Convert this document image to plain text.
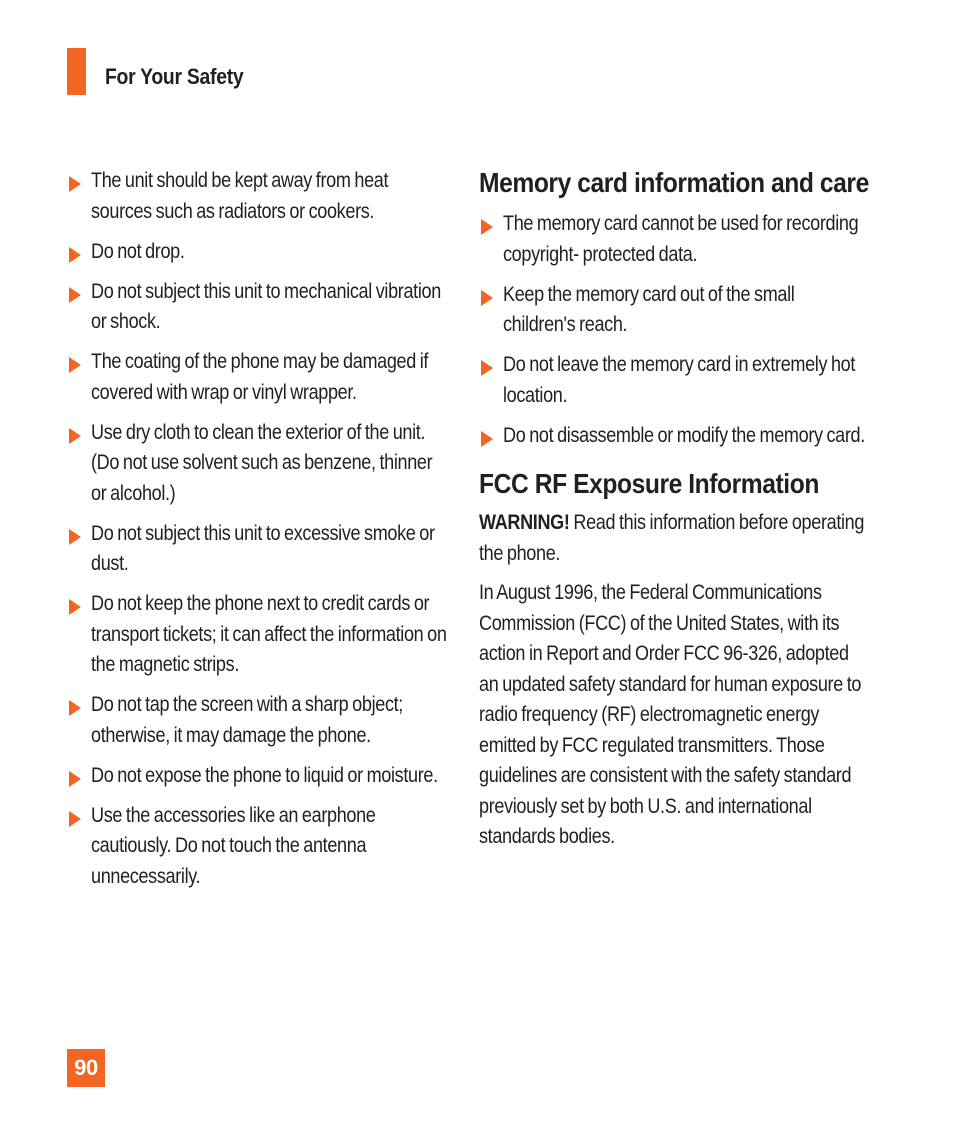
For Your Safety
The unit should be kept away from heat sources such as radiators or cookers.
Do not drop.
Do not subject this unit to mechanical vibration or shock.
The coating of the phone may be damaged if covered with wrap or vinyl wrapper.
Use dry cloth to clean the exterior of the unit. (Do not use solvent such as benzene, thinner or alcohol.)
Do not subject this unit to excessive smoke or dust.
Do not keep the phone next to credit cards or transport tickets; it can affect the information on the magnetic strips.
Do not tap the screen with a sharp object; otherwise, it may damage the phone.
Do not expose the phone to liquid or moisture.
Use the accessories like an earphone cautiously. Do not touch the antenna unnecessarily.
Memory card information and care
The memory card cannot be used for recording copyright- protected data.
Keep the memory card out of the small children's reach.
Do not leave the memory card in extremely hot location.
Do not disassemble or modify the memory card.
FCC RF Exposure Information

WARNING! Read this information before operating the phone.

In August 1996, the Federal Communications Commission (FCC) of the United States, with its action in Report and Order FCC 96-326, adopted an updated safety standard for human exposure to radio frequency (RF) electromagnetic energy emitted by FCC regulated transmitters. Those guidelines are consistent with the safety standard previously set by both U.S. and international standards bodies.

90
